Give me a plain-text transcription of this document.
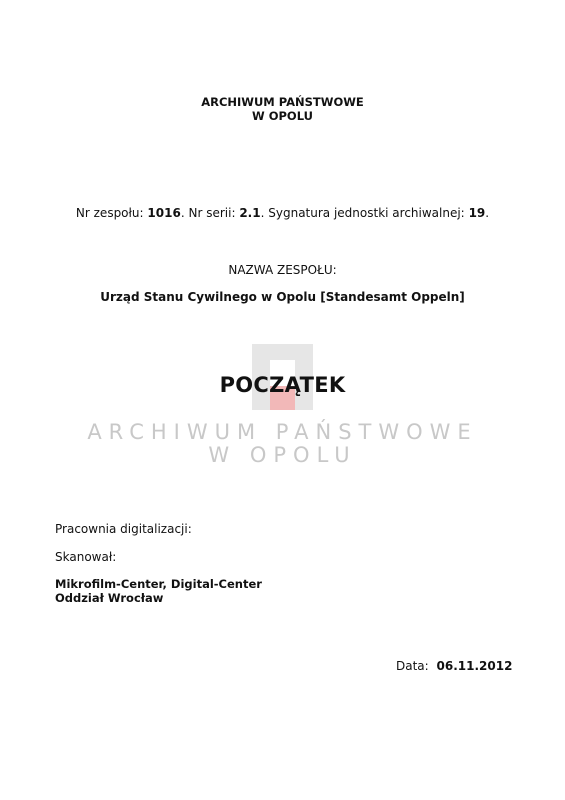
ARCHIWUM PAŃSTWOWE
W OPOLU
Nr zespołu: 1016. Nr serii: 2.1. Sygnatura jednostki archiwalnej: 19.
NAZWA ZESPOŁU:
Urząd Stanu Cywilnego w Opolu [Standesamt Oppeln]
POCZĄTEK
ARCHIWUM PAŃSTWOWE
W OPOLU
Pracownia digitalizacji:
Skanował:
Mikrofilm-Center, Digital-Center
Oddział Wrocław
Data: 06.11.2012
